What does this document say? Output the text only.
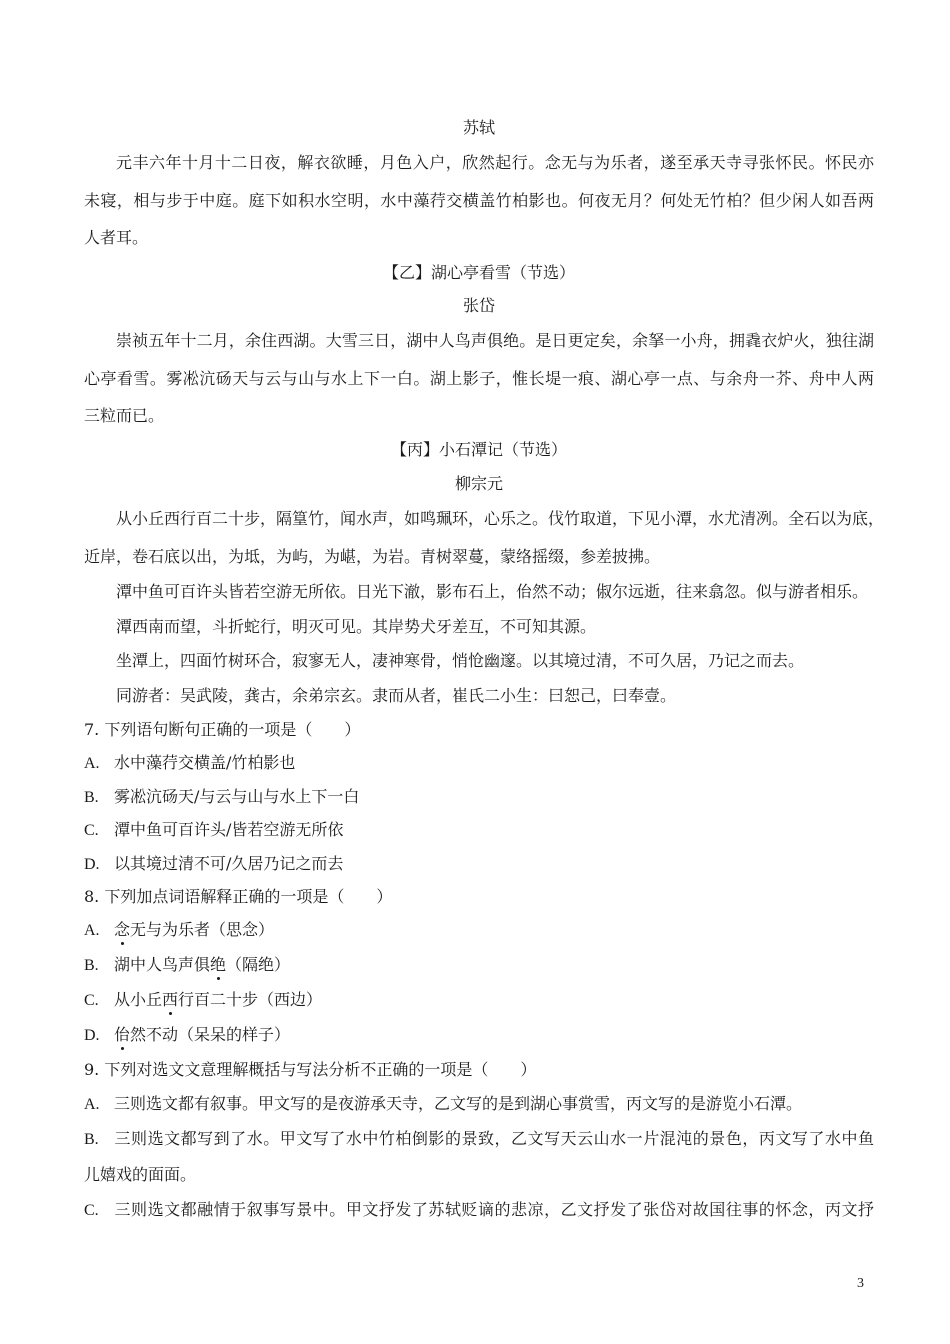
苏轼
元丰六年十月十二日夜，解衣欲睡，月色入户，欣然起行。念无与为乐者，遂至承天寺寻张怀民。怀民亦
未寝，相与步于中庭。庭下如积水空明，水中藻荇交横盖竹柏影也。何夜无月？何处无竹柏？但少闲人如吾两
人者耳。
【乙】湖心亭看雪（节选）
张岱
崇祯五年十二月，余住西湖。大雪三日，湖中人鸟声俱绝。是日更定矣，余拏一小舟，拥毳衣炉火，独往湖
心亭看雪。雾凇沆砀天与云与山与水上下一白。湖上影子，惟长堤一痕、湖心亭一点、与余舟一芥、舟中人两
三粒而已。
【丙】小石潭记（节选）
柳宗元
从小丘西行百二十步，隔篁竹，闻水声，如鸣珮环，心乐之。伐竹取道，下见小潭，水尤清冽。全石以为底，
近岸，卷石底以出，为坻，为屿，为嵁，为岩。青树翠蔓，蒙络摇缀，参差披拂。
潭中鱼可百许头皆若空游无所依。日光下澈，影布石上，佁然不动；俶尔远逝，往来翕忽。似与游者相乐。
潭西南而望，斗折蛇行，明灭可见。其岸势犬牙差互，不可知其源。
坐潭上，四面竹树环合，寂寥无人，凄神寒骨，悄怆幽邃。以其境过清，不可久居，乃记之而去。
同游者：吴武陵，龚古，余弟宗玄。隶而从者，崔氏二小生：曰恕己，曰奉壹。
7. 下列语句断句正确的一项是（　　）
A. 水中藻荇交横盖/竹柏影也
B. 雾凇沆砀天/与云与山与水上下一白
C. 潭中鱼可百许头/皆若空游无所依
D. 以其境过清不可/久居乃记之而去
8. 下列加点词语解释正确的一项是（　　）
A. 念无与为乐者（思念）
B. 湖中人鸟声俱绝（隔绝）
C. 从小丘西行百二十步（西边）
D. 佁然不动（呆呆的样子）
9. 下列对选文文意理解概括与写法分析不正确的一项是（　　）
A. 三则选文都有叙事。甲文写的是夜游承天寺，乙文写的是到湖心事赏雪，丙文写的是游览小石潭。
B. 三则选文都写到了水。甲文写了水中竹柏倒影的景致，乙文写天云山水一片混沌的景色，丙文写了水中鱼
儿嬉戏的面面。
C. 三则选文都融情于叙事写景中。甲文抒发了苏轼贬谪的悲凉，乙文抒发了张岱对故国往事的怀念，丙文抒
3
